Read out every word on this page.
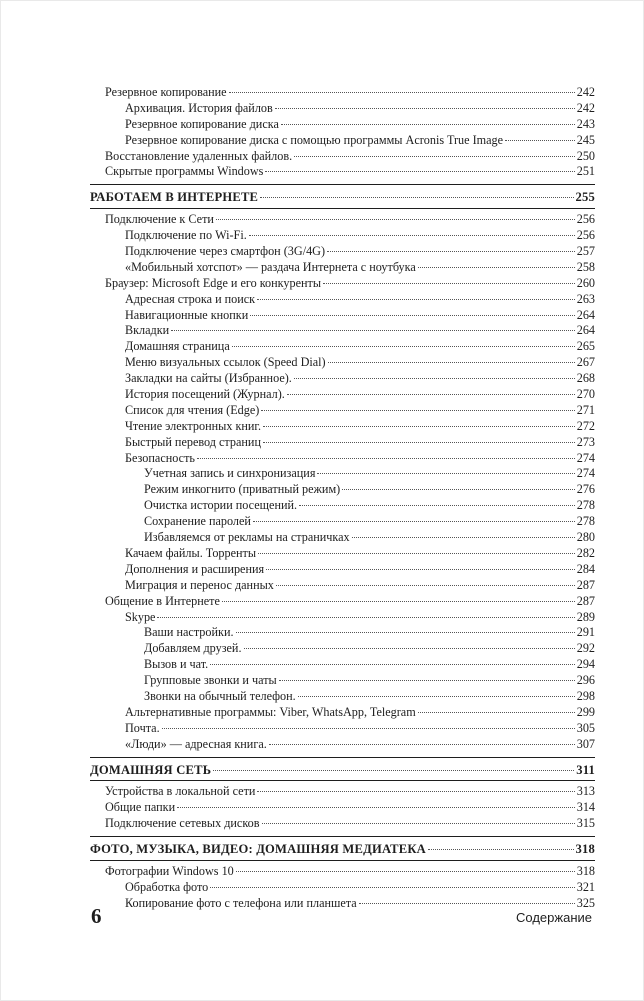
Резервное копирование	242
Архивация. История файлов	242
Резервное копирование диска	243
Резервное копирование диска с помощью программы Acronis True Image	245
Восстановление удаленных файлов.	250
Скрытые программы Windows	251
РАБОТАЕМ В ИНТЕРНЕТЕ	255
Подключение к Сети	256
Подключение по Wi-Fi.	256
Подключение через смартфон (3G/4G)	257
«Мобильный хотспот» — раздача Интернета с ноутбука	258
Браузер: Microsoft Edge и его конкуренты	260
Адресная строка и поиск	263
Навигационные кнопки	264
Вкладки	264
Домашняя страница	265
Меню визуальных ссылок (Speed Dial)	267
Закладки на сайты (Избранное).	268
История посещений (Журнал).	270
Список для чтения (Edge)	271
Чтение электронных книг.	272
Быстрый перевод страниц	273
Безопасность	274
Учетная запись и синхронизация	274
Режим инкогнито (приватный режим)	276
Очистка истории посещений.	278
Сохранение паролей	278
Избавляемся от рекламы на страничках	280
Качаем файлы. Торренты	282
Дополнения и расширения	284
Миграция и перенос данных	287
Общение в Интернете	287
Skype	289
Ваши настройки.	291
Добавляем друзей.	292
Вызов и чат.	294
Групповые звонки и чаты	296
Звонки на обычный телефон.	298
Альтернативные программы: Viber, WhatsApp, Telegram	299
Почта.	305
«Люди» — адресная книга.	307
ДОМАШНЯЯ СЕТЬ	311
Устройства в локальной сети	313
Общие папки	314
Подключение сетевых дисков	315
ФОТО, МУЗЫКА, ВИДЕО: ДОМАШНЯЯ МЕДИАТЕКА	318
Фотографии Windows 10	318
Обработка фото	321
Копирование фото с телефона или планшета	325
6	Содержание
